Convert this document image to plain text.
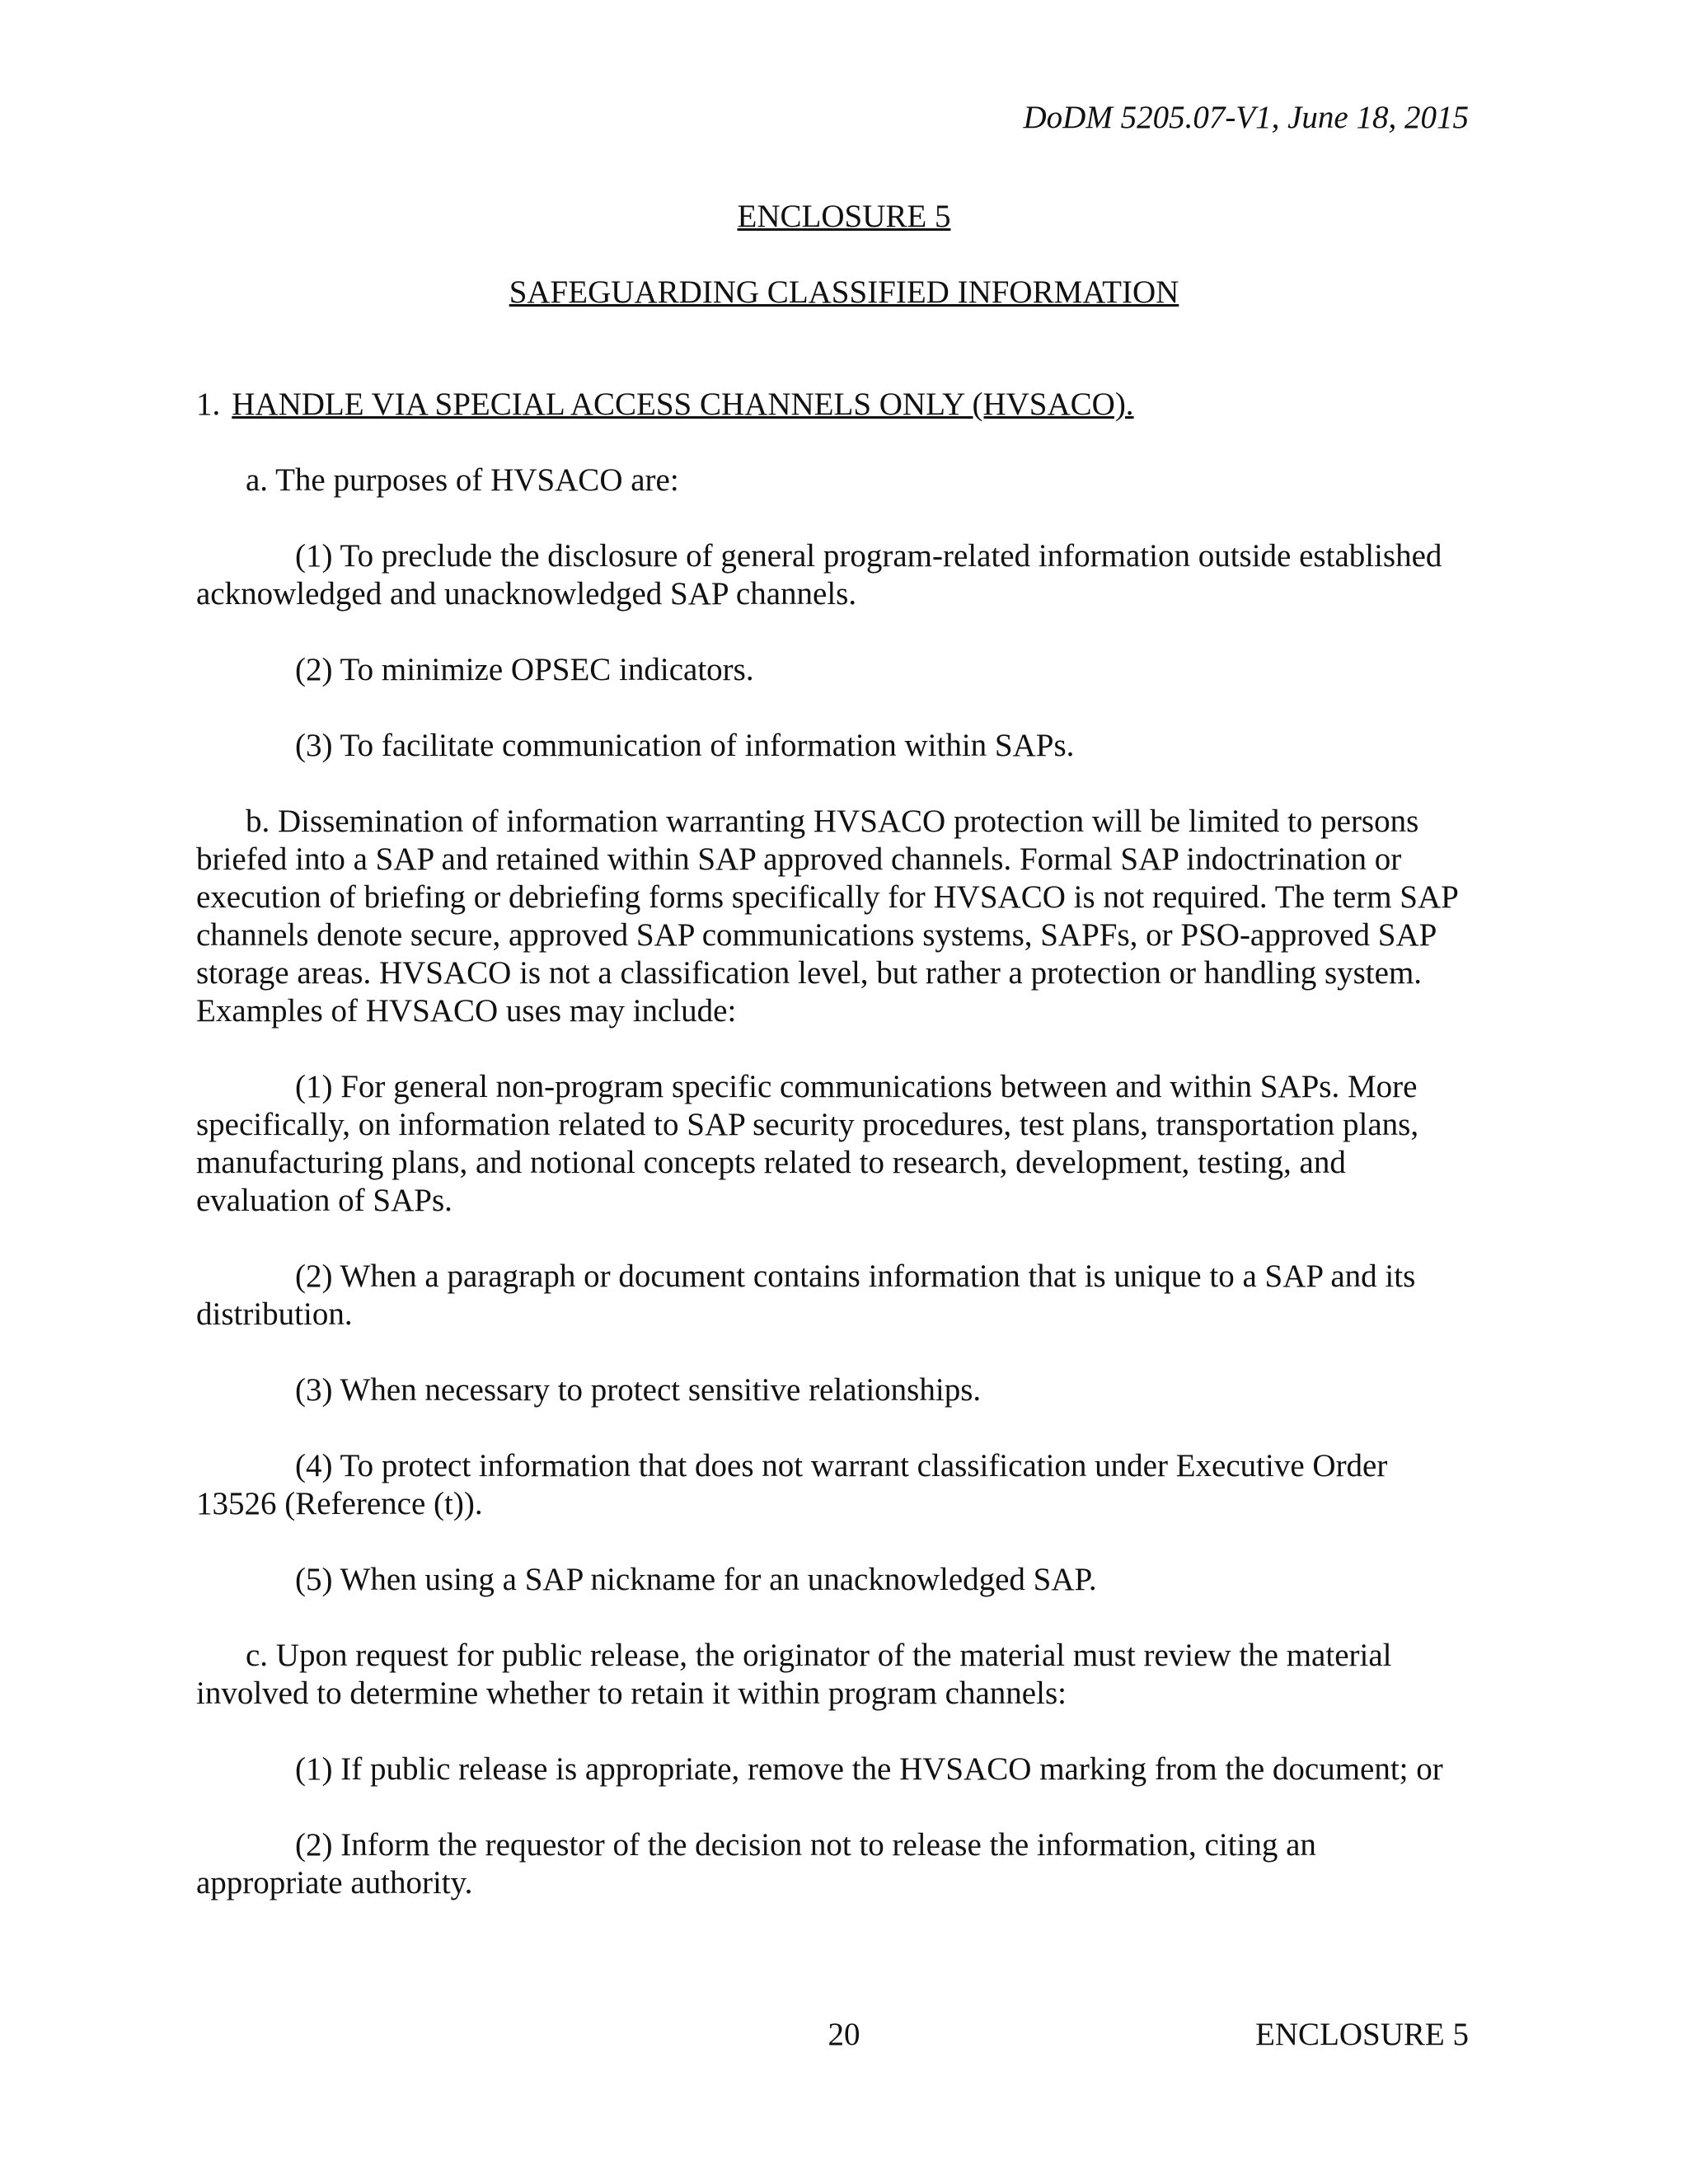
DoDM 5205.07-V1, June 18, 2015
ENCLOSURE 5
SAFEGUARDING CLASSIFIED INFORMATION

1. HANDLE VIA SPECIAL ACCESS CHANNELS ONLY (HVSACO).

a. The purposes of HVSACO are:

(1) To preclude the disclosure of general program-related information outside established acknowledged and unacknowledged SAP channels.

(2) To minimize OPSEC indicators.

(3) To facilitate communication of information within SAPs.

b. Dissemination of information warranting HVSACO protection will be limited to persons briefed into a SAP and retained within SAP approved channels. Formal SAP indoctrination or execution of briefing or debriefing forms specifically for HVSACO is not required. The term SAP channels denote secure, approved SAP communications systems, SAPFs, or PSO-approved SAP storage areas. HVSACO is not a classification level, but rather a protection or handling system. Examples of HVSACO uses may include:

(1) For general non-program specific communications between and within SAPs. More specifically, on information related to SAP security procedures, test plans, transportation plans, manufacturing plans, and notional concepts related to research, development, testing, and evaluation of SAPs.

(2) When a paragraph or document contains information that is unique to a SAP and its distribution.

(3) When necessary to protect sensitive relationships.

(4) To protect information that does not warrant classification under Executive Order 13526 (Reference (t)).

(5) When using a SAP nickname for an unacknowledged SAP.

c. Upon request for public release, the originator of the material must review the material involved to determine whether to retain it within program channels:

(1) If public release is appropriate, remove the HVSACO marking from the document; or

(2) Inform the requestor of the decision not to release the information, citing an appropriate authority.

20	ENCLOSURE 5
